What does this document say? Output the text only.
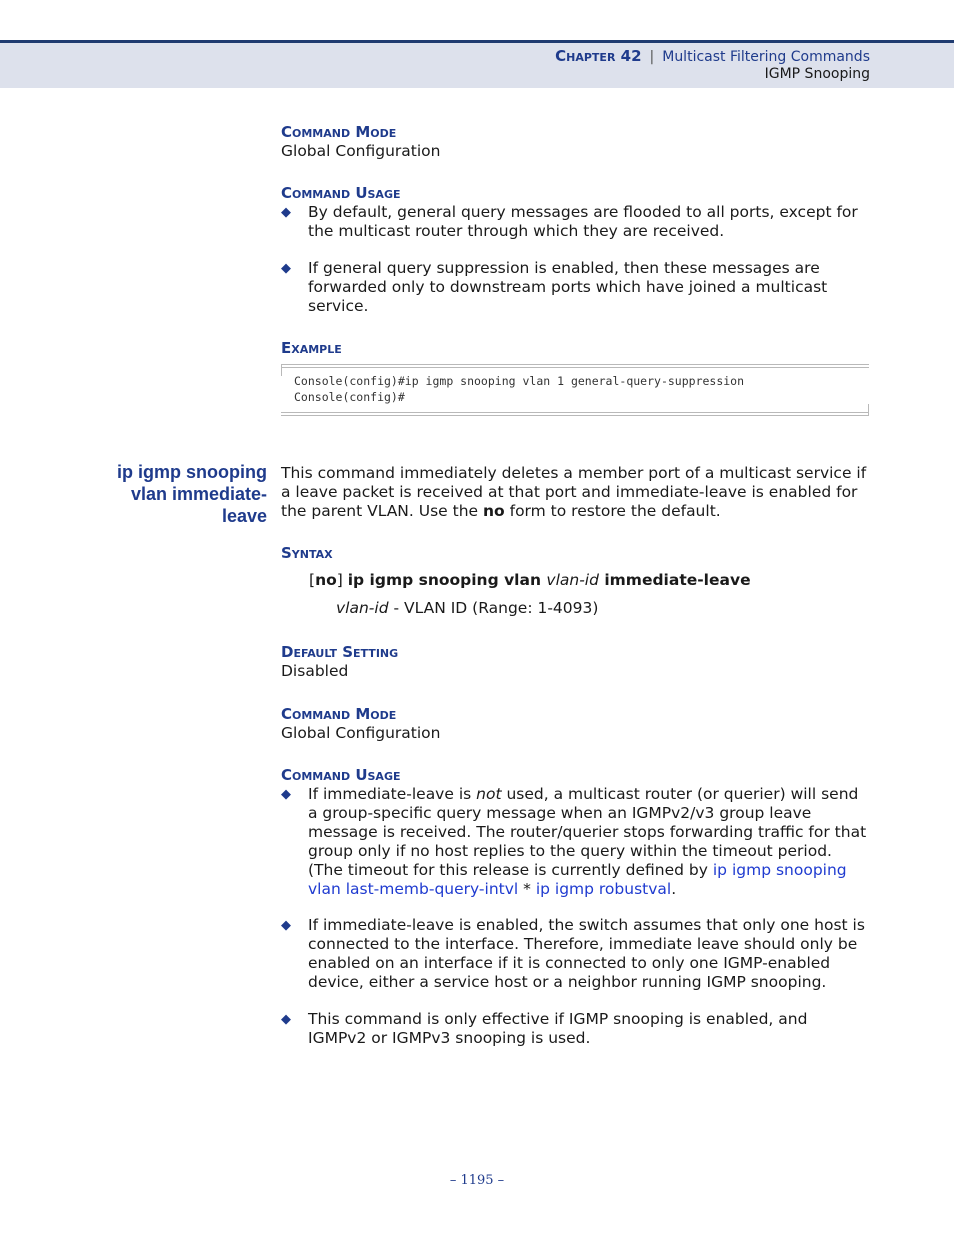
Chapter 42 | Multicast Filtering Commands
IGMP Snooping
Command Mode
Global Configuration
Command Usage
◆ By default, general query messages are flooded to all ports, except for
the multicast router through which they are received.
◆ If general query suppression is enabled, then these messages are
forwarded only to downstream ports which have joined a multicast
service.
Example
Console(config)#ip igmp snooping vlan 1 general-query-suppression
Console(config)#
ip igmp snooping
vlan immediate-
leave
This command immediately deletes a member port of a multicast service if
a leave packet is received at that port and immediate-leave is enabled for
the parent VLAN. Use the no form to restore the default.
Syntax
[no] ip igmp snooping vlan vlan-id immediate-leave
vlan-id - VLAN ID (Range: 1-4093)
Default Setting
Disabled
Command Mode
Global Configuration
Command Usage
◆ If immediate-leave is not used, a multicast router (or querier) will send
a group-specific query message when an IGMPv2/v3 group leave
message is received. The router/querier stops forwarding traffic for that
group only if no host replies to the query within the timeout period.
(The timeout for this release is currently defined by ip igmp snooping
vlan last-memb-query-intvl * ip igmp robustval.
◆ If immediate-leave is enabled, the switch assumes that only one host is
connected to the interface. Therefore, immediate leave should only be
enabled on an interface if it is connected to only one IGMP-enabled
device, either a service host or a neighbor running IGMP snooping.
◆ This command is only effective if IGMP snooping is enabled, and
IGMPv2 or IGMPv3 snooping is used.
– 1195 –
